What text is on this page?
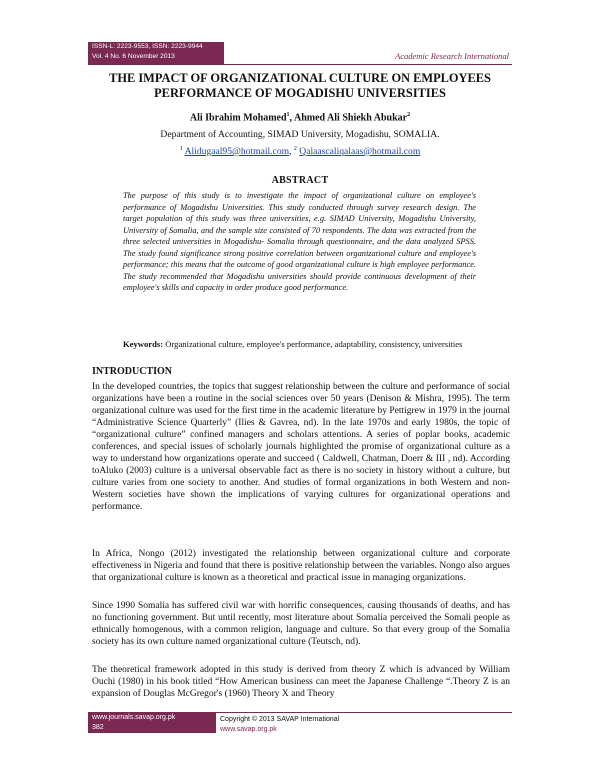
ISSN-L: 2223-9553, ISSN: 2223-9944
Vol. 4 No. 6 November 2013	Academic Research International
THE IMPACT OF ORGANIZATIONAL CULTURE ON EMPLOYEES
PERFORMANCE OF MOGADISHU UNIVERSITIES
Ali Ibrahim Mohamed$^1$, Ahmed Ali Shiekh Abukar$^2$
Department of Accounting, SIMAD University, Mogadishu, SOMALIA.
$^1$ Alidugaal95@hotmail.com, $^2$ Qalaascaliqalaas@hotmail.com
ABSTRACT
The purpose of this study is to investigate the impact of organizational culture on employee's performance of Mogadishu Universities. This study conducted through survey research design. The target population of this study was three universities, e.g. SIMAD University, Mogadishu University, University of Somalia, and the sample size consisted of 70 respondents. The data was extracted from the three selected universities in Mogadishu- Somalia through questionnaire, and the data analyzed SPSS. The study found significance strong positive correlation between organizational culture and employee's performance; this means that the outcome of good organizational culture is high employee performance. The study recommended that Mogadishu universities should provide continuous development of their employee's skills and capacity in order produce good performance.
Keywords: Organizational culture, employee's performance, adaptability, consistency, universities
INTRODUCTION

In the developed countries, the topics that suggest relationship between the culture and performance of social organizations have been a routine in the social sciences over 50 years (Denison & Mishra, 1995). The term organizational culture was used for the first time in the academic literature by Pettigrew in 1979 in the journal “Administrative Science Quarterly” (Ilies & Gavrea, nd). In the late 1970s and early 1980s, the topic of “organizational culture” confined managers and scholars attentions. A series of poplar books, academic conferences, and special issues of scholarly journals highlighted the promise of organizational culture as a way to understand how organizations operate and succeed ( Caldwell, Chatman, Doerr & III , nd). According toAluko (2003) culture is a universal observable fact as there is no society in history without a culture, but culture varies from one society to another. And studies of formal organizations in both Western and non-Western societies have shown the implications of varying cultures for organizational operations and performance.

In Africa, Nongo (2012) investigated the relationship between organizational culture and corporate effectiveness in Nigeria and found that there is positive relationship between the variables. Nongo also argues that organizational culture is known as a theoretical and practical issue in managing organizations.

Since 1990 Somalia has suffered civil war with horrific consequences, causing thousands of deaths, and has no functioning government. But until recently, most literature about Somalia perceived the Somali people as ethnically homogenous, with a common religion, language and culture. So that every group of the Somalia society has its own culture named organizational culture (Teutsch, nd).

The theoretical framework adopted in this study is derived from theory Z which is advanced by William Ouchi (1980) in his book titled “How American business can meet the Japanese Challenge “.Theory Z is an expansion of Douglas McGregor's (1960) Theory X and Theory

www.journals.savap.org.pk
382
Copyright © 2013 SAVAP International
www.savap.org.pk
